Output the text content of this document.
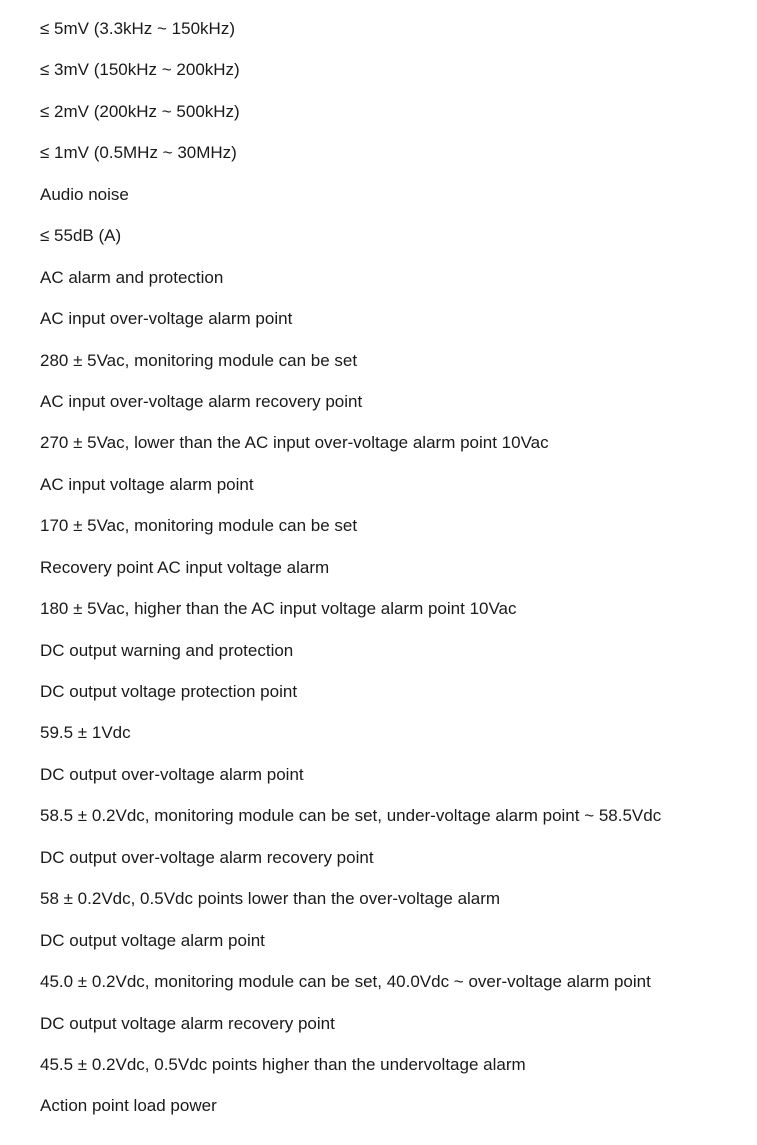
≤ 5mV (3.3kHz ~ 150kHz)
≤ 3mV (150kHz ~ 200kHz)
≤ 2mV (200kHz ~ 500kHz)
≤ 1mV (0.5MHz ~ 30MHz)
Audio noise
≤ 55dB (A)
AC alarm and protection
AC input over-voltage alarm point
280 ± 5Vac, monitoring module can be set
AC input over-voltage alarm recovery point
270 ± 5Vac, lower than the AC input over-voltage alarm point 10Vac
AC input voltage alarm point
170 ± 5Vac, monitoring module can be set
Recovery point AC input voltage alarm
180 ± 5Vac, higher than the AC input voltage alarm point 10Vac
DC output warning and protection
DC output voltage protection point
59.5 ± 1Vdc
DC output over-voltage alarm point
58.5 ± 0.2Vdc, monitoring module can be set, under-voltage alarm point ~ 58.5Vdc
DC output over-voltage alarm recovery point
58 ± 0.2Vdc, 0.5Vdc points lower than the over-voltage alarm
DC output voltage alarm point
45.0 ± 0.2Vdc, monitoring module can be set, 40.0Vdc ~ over-voltage alarm point
DC output voltage alarm recovery point
45.5 ± 0.2Vdc, 0.5Vdc points higher than the undervoltage alarm
Action point load power
